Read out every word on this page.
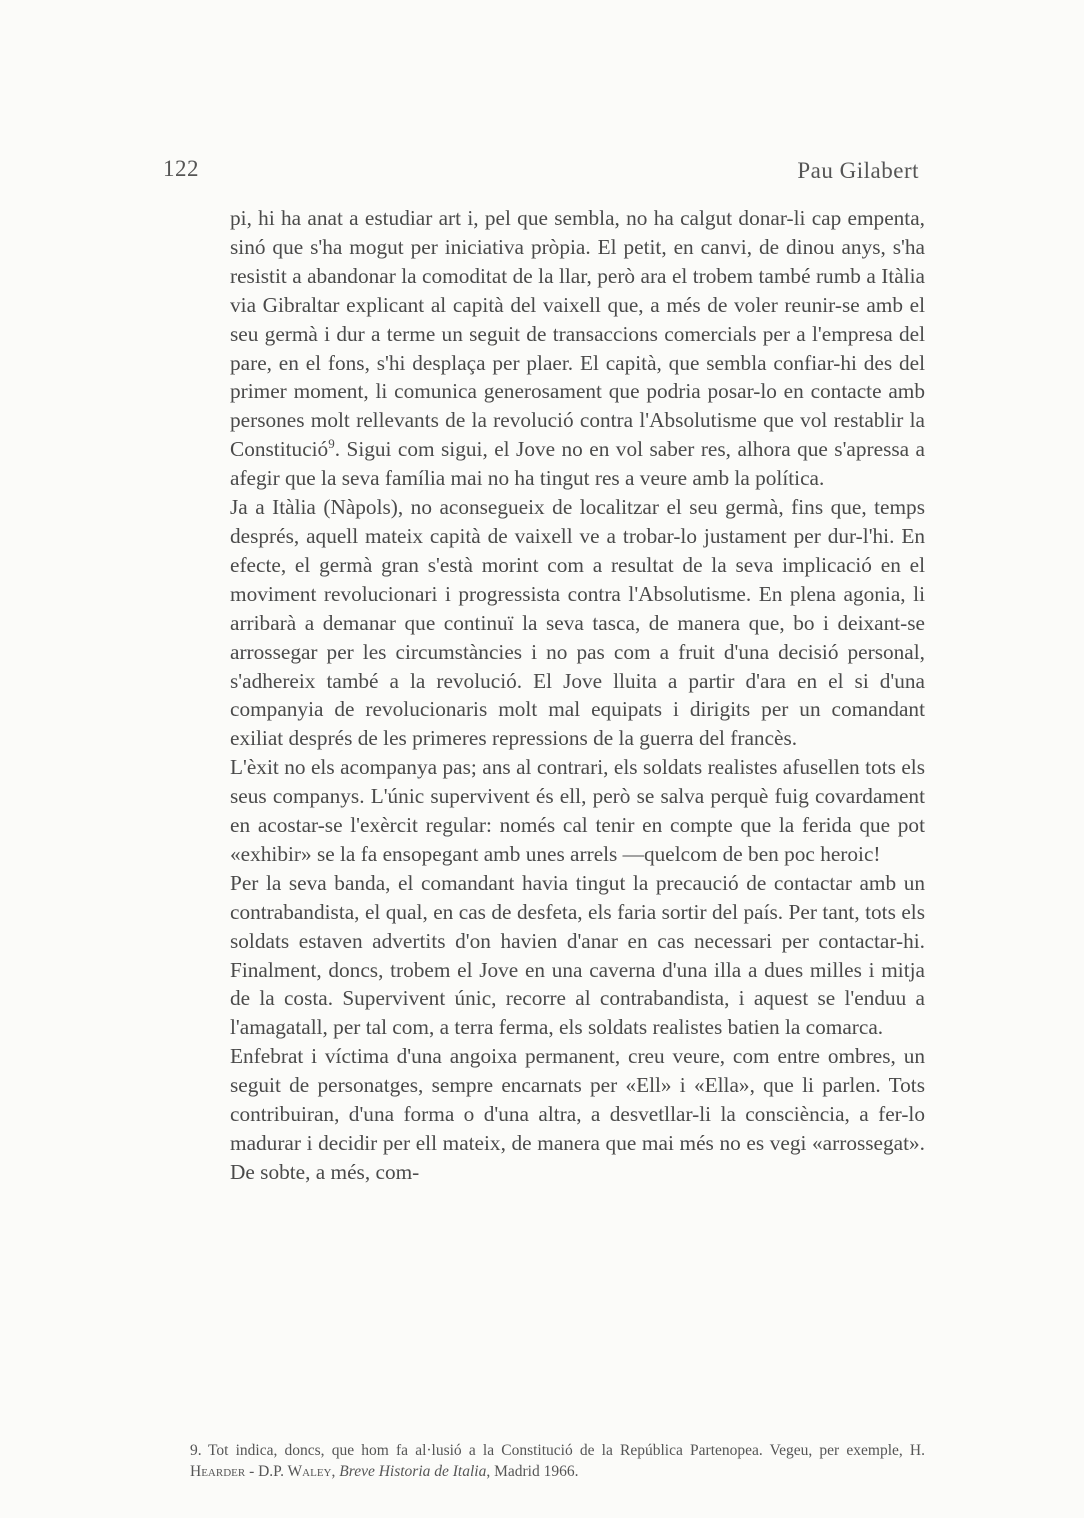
122	Pau Gilabert

pi, hi ha anat a estudiar art i, pel que sembla, no ha calgut donar-li cap empenta, sinó que s'ha mogut per iniciativa pròpia. El petit, en canvi, de dinou anys, s'ha resistit a abandonar la comoditat de la llar, però ara el trobem també rumb a Itàlia via Gibraltar explicant al capità del vaixell que, a més de voler reunir-se amb el seu germà i dur a terme un seguit de transaccions comercials per a l'empresa del pare, en el fons, s'hi desplaça per plaer. El capità, que sembla confiar-hi des del primer moment, li comunica generosament que podria posar-lo en contacte amb persones molt rellevants de la revolució contra l'Absolutisme que vol restablir la Constitució$^9$. Sigui com sigui, el Jove no en vol saber res, alhora que s'apressa a afegir que la seva família mai no ha tingut res a veure amb la política.

Ja a Itàlia (Nàpols), no aconsegueix de localitzar el seu germà, fins que, temps després, aquell mateix capità de vaixell ve a trobar-lo justament per dur-l'hi. En efecte, el germà gran s'està morint com a resultat de la seva implicació en el moviment revolucionari i progressista contra l'Absolutisme. En plena agonia, li arribarà a demanar que continuï la seva tasca, de manera que, bo i deixant-se arrossegar per les circumstàncies i no pas com a fruit d'una decisió personal, s'adhereix també a la revolució. El Jove lluita a partir d'ara en el si d'una companyia de revolucionaris molt mal equipats i dirigits per un comandant exiliat després de les primeres repressions de la guerra del francès.

L'èxit no els acompanya pas; ans al contrari, els soldats realistes afusellen tots els seus companys. L'únic supervivent és ell, però se salva perquè fuig covardament en acostar-se l'exèrcit regular: només cal tenir en compte que la ferida que pot «exhibir» se la fa ensopegant amb unes arrels —quelcom de ben poc heroic!

Per la seva banda, el comandant havia tingut la precaució de contactar amb un contrabandista, el qual, en cas de desfeta, els faria sortir del país. Per tant, tots els soldats estaven advertits d'on havien d'anar en cas necessari per contactar-hi. Finalment, doncs, trobem el Jove en una caverna d'una illa a dues milles i mitja de la costa. Supervivent únic, recorre al contrabandista, i aquest se l'enduu a l'amagatall, per tal com, a terra ferma, els soldats realistes batien la comarca.

Enfebrat i víctima d'una angoixa permanent, creu veure, com entre ombres, un seguit de personatges, sempre encarnats per «Ell» i «Ella», que li parlen. Tots contribuiran, d'una forma o d'una altra, a desvetllar-li la consciència, a fer-lo madurar i decidir per ell mateix, de manera que mai més no es vegi «arrossegat». De sobte, a més, com-

9. Tot indica, doncs, que hom fa al·lusió a la Constitució de la República Partenopea. Vegeu, per exemple, H. Hearder - D.P. Waley, Breve Historia de Italia, Madrid 1966.
